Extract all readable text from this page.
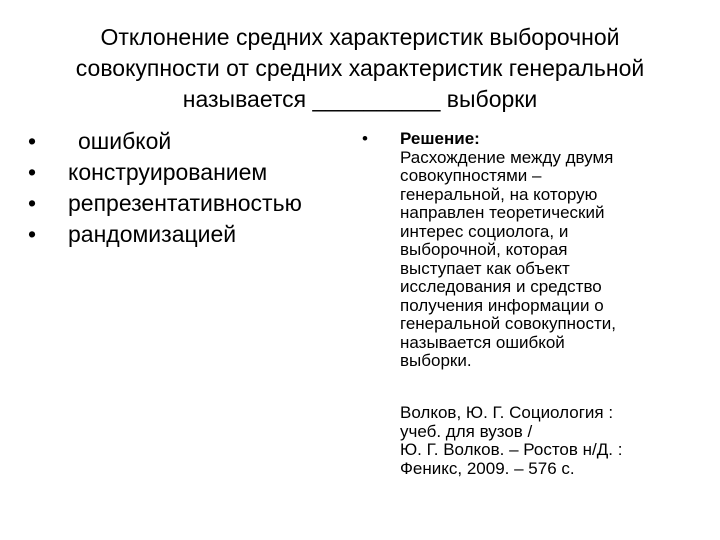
Отклонение средних характеристик выборочной
совокупности от средних характеристик генеральной
называется __________ выборки
• ошибкой
• конструированием
• репрезентативностью
• рандомизацией
• Решение:
Расхождение между двумя
совокупностями –
генеральной, на которую
направлен теоретический
интерес социолога, и
выборочной, которая
выступает как объект
исследования и средство
получения информации о
генеральной совокупности,
называется ошибкой
выборки.
Волков, Ю. Г. Социология :
учеб. для вузов /
Ю. Г. Волков. – Ростов н/Д. :
Феникс, 2009. – 576 с.
